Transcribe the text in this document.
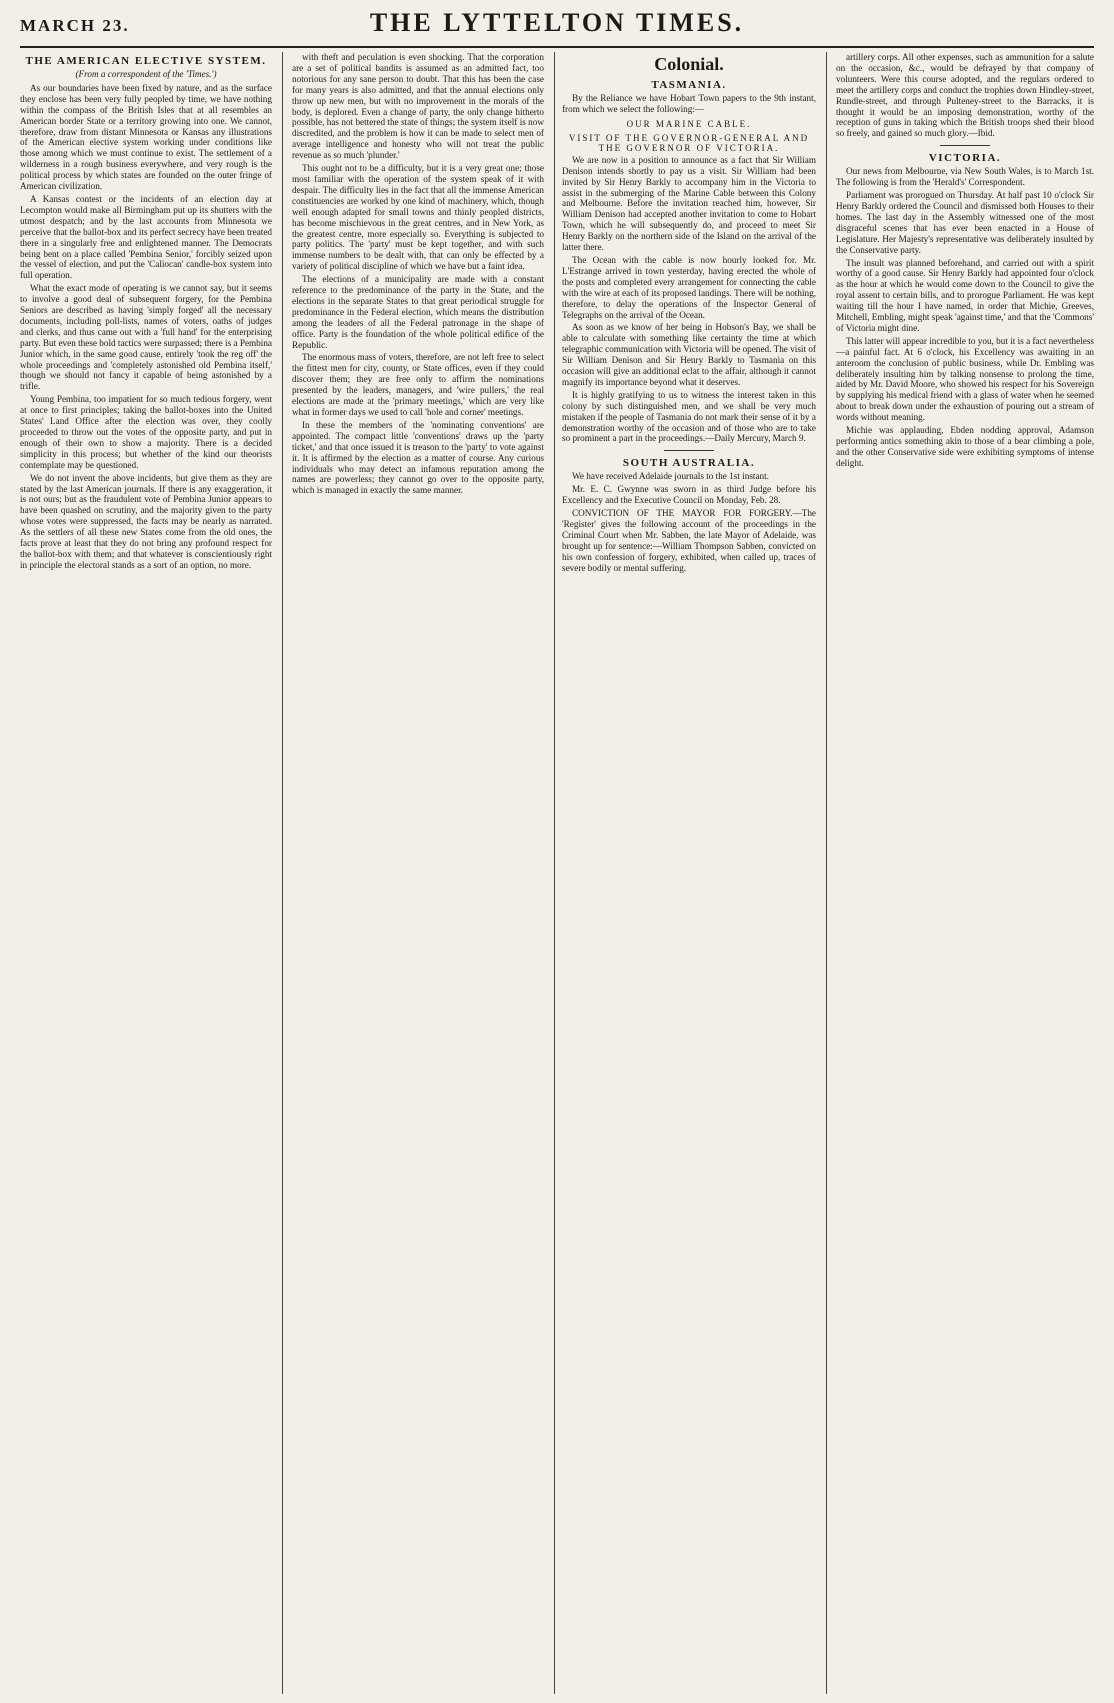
MARCH 23.	THE LYTTELTON TIMES.
THE AMERICAN ELECTIVE SYSTEM.
(From a correspondent of the 'Times.')

As our boundaries have been fixed by nature, and as the surface they enclose has been very fully peopled by time, we have nothing within the compass of the British Isles that at all resembles an American border State or a territory growing into one. We cannot, therefore, draw from distant Minnesota or Kansas any illustrations of the American elective system working under conditions like those among which we must continue to exist. The settlement of a wilderness in a rough business everywhere, and very rough is the political process by which states are founded on the outer fringe of American civilization.

A Kansas contest or the incidents of an election day at Lecompton would make all Birmingham put up its shutters with the utmost despatch; and by the last accounts from Minnesota we perceive that the ballot-box and its perfect secrecy have been treated there in a singularly free and enlightened manner. The Democrats being bent on a place called 'Pembina Senior,' forcibly seized upon the vessel of election, and put the 'Caliocan' candle-box system into full operation.

What the exact mode of operating is we cannot say, but it seems to involve a good deal of subsequent forgery, for the Pembina Seniors are described as having 'simply forged' all the necessary documents, including poll-lists, names of voters, oaths of judges and clerks, and thus came out with a 'full hand' for the enterprising party. But even these bold tactics were surpassed; there is a Pembina Junior which, in the same good cause, entirely 'took the reg off' the whole proceedings and 'completely astonished old Pembina itself,' though we should not fancy it capable of being astonished by a trifle.

Young Pembina, too impatient for so much tedious forgery, went at once to first principles; taking the ballot-boxes into the United States' Land Office after the election was over, they coolly proceeded to throw out the votes of the opposite party, and put in enough of their own to show a majority. There is a decided simplicity in this process; but whether of the kind our theorists contemplate may be questioned.

We do not invent the above incidents, but give them as they are stated by the last American journals. If there is any exaggeration, it is not ours; but as the fraudulent vote of Pembina Junior appears to have been quashed on scrutiny, and the majority given to the party whose votes were suppressed, the facts may be nearly as narrated. As the settlers of all these new States come from the old ones, the facts prove at least that they do not bring any profound respect for the ballot-box with them; and that whatever is conscientiously right in principle the electoral stands as a sort of an option, no more.

with theft and peculation is even shocking. That the corporation are a set of political bandits is assumed as an admitted fact, too notorious for any sane person to doubt. That this has been the case for many years is also admitted, and that the annual elections only throw up new men, but with no improvement in the morals of the body, is deplored. Even a change of party, the only change hitherto possible, has not bettered the state of things; the system itself is now discredited, and the problem is how it can be made to select men of average intelligence and honesty who will not treat the public revenue as so much 'plunder.'

This ought not to be a difficulty, but it is a very great one; those most familiar with the operation of the system speak of it with despair. The difficulty lies in the fact that all the immense American constituencies are worked by one kind of machinery, which, though well enough adapted for small towns and thinly peopled districts, has become mischievous in the great centres, and in New York, as the greatest centre, more especially so. Everything is subjected to party politics. The 'party' must be kept together, and with such immense numbers to be dealt with, that can only be effected by a variety of political discipline of which we have but a faint idea.

The elections of a municipality are made with a constant reference to the predominance of the party in the State, and the elections in the separate States to that great periodical struggle for predominance in the Federal election, which means the distribution among the leaders of all the Federal patronage in the shape of office. Party is the foundation of the whole political edifice of the Republic.

The enormous mass of voters, therefore, are not left free to select the fittest men for city, county, or State offices, even if they could discover them; they are free only to affirm the nominations presented by the leaders, managers, and 'wire pullers,' the real elections are made at the 'primary meetings,' which are very like what in former days we used to call 'hole and corner' meetings.

In these the members of the 'nominating conventions' are appointed. The compact little 'conventions' draws up the 'party ticket,' and that once issued it is treason to the 'party' to vote against it. It is affirmed by the election as a matter of course. Any curious individuals who may detect an infamous reputation among the names are powerless; they cannot go over to the opposite party, which is managed in exactly the same manner.

Colonial.
TASMANIA.

By the Reliance we have Hobart Town papers to the 9th instant, from which we select the following:—

OUR MARINE CABLE.
VISIT OF THE GOVERNOR-GENERAL AND THE GOVERNOR OF VICTORIA.

We are now in a position to announce as a fact that Sir William Denison intends shortly to pay us a visit. Sir William had been invited by Sir Henry Barkly to accompany him in the Victoria to assist in the submerging of the Marine Cable between this Colony and Melbourne. Before the invitation reached him, however, Sir William Denison had accepted another invitation to come to Hobart Town, which he will subsequently do, and proceed to meet Sir Henry Barkly on the northern side of the Island on the arrival of the latter there.

The Ocean with the cable is now hourly looked for. Mr. L'Estrange arrived in town yesterday, having erected the whole of the posts and completed every arrangement for connecting the cable with the wire at each of its proposed landings. There will be nothing, therefore, to delay the operations of the Inspector General of Telegraphs on the arrival of the Ocean.

As soon as we know of her being in Hobson's Bay, we shall be able to calculate with something like certainty the time at which telegraphic communication with Victoria will be opened. The visit of Sir William Denison and Sir Henry Barkly to Tasmania on this occasion will give an additional eclat to the affair, although it cannot magnify its importance beyond what it deserves.

It is highly gratifying to us to witness the interest taken in this colony by such distinguished men, and we shall be very much mistaken if the people of Tasmania do not mark their sense of it by a demonstration worthy of the occasion and of those who are to take so prominent a part in the proceedings.—Daily Mercury, March 9.

SOUTH AUSTRALIA.

We have received Adelaide journals to the 1st instant.

Mr. E. C. Gwynne was sworn in as third Judge before his Excellency and the Executive Council on Monday, Feb. 28.

CONVICTION OF THE MAYOR FOR FORGERY.—The 'Register' gives the following account of the proceedings in the Criminal Court when Mr. Sabben, the late Mayor of Adelaide, was brought up for sentence:—William Thompson Sabben, convicted on his own confession of forgery, exhibited, when called up, traces of severe bodily or mental suffering.

artillery corps. All other expenses, such as ammunition for a salute on the occasion, &c., would be defrayed by that company of volunteers. Were this course adopted, and the regulars ordered to meet the artillery corps and conduct the trophies down Hindley-street, Rundle-street, and through Pulteney-street to the Barracks, it is thought it would be an imposing demonstration, worthy of the reception of guns in taking which the British troops shed their blood so freely, and gained so much glory.—Ibid.

VICTORIA.

Our news from Melbourne, via New South Wales, is to March 1st. The following is from the 'Herald's' Correspondent.

Parliament was prorogued on Thursday. At half past 10 o'clock Sir Henry Barkly ordered the Council and dismissed both Houses to their homes. The last day in the Assembly witnessed one of the most disgraceful scenes that has ever been enacted in a House of Legislature. Her Majesty's representative was deliberately insulted by the Conservative party.

The insult was planned beforehand, and carried out with a spirit worthy of a good cause. Sir Henry Barkly had appointed four o'clock as the hour at which he would come down to the Council to give the royal assent to certain bills, and to prorogue Parliament. He was kept waiting till the hour I have named, in order that Michie, Greeves, Mitchell, Embling, might speak 'against time,' and that the 'Commons' of Victoria might dine.

This latter will appear incredible to you, but it is a fact nevertheless—a painful fact. At 6 o'clock, his Excellency was awaiting in an anteroom the conclusion of public business, while Dr. Embling was deliberately insulting him by talking nonsense to prolong the time, aided by Mr. David Moore, who showed his respect for his Sovereign by supplying his medical friend with a glass of water when he seemed about to break down under the exhaustion of pouring out a stream of words without meaning.

Michie was applauding, Ebden nodding approval, Adamson performing antics something akin to those of a bear climbing a pole, and the other Conservative side were exhibiting symptoms of intense delight.
